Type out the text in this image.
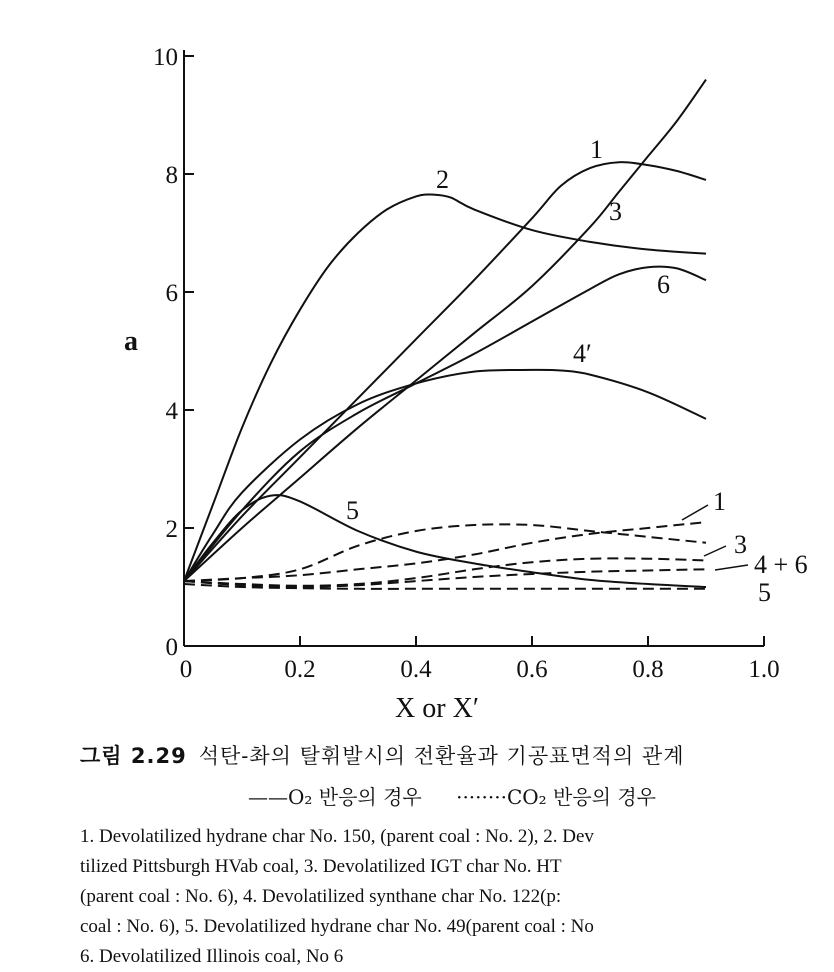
0
2
4
6
8
10
0	0.2	0.4	0.6	0.8	1.0
X or X′
a
1
2
3
4′
5
6
1
3
4 + 6
5
그림 2.29 석탄-촤의 탈휘발시의 전환율과 기공표면적의 관계
——O₂ 반응의 경우 ········CO₂ 반응의 경우

1. Devolatilized hydrane char No. 150, (parent coal : No. 2), 2. Dev

tilized Pittsburgh HVab coal, 3. Devolatilized IGT char No. HT

(parent coal : No. 6), 4. Devolatilized synthane char No. 122(p:

coal : No. 6), 5. Devolatilized hydrane char No. 49(parent coal : No

6. Devolatilized Illinois coal, No 6
